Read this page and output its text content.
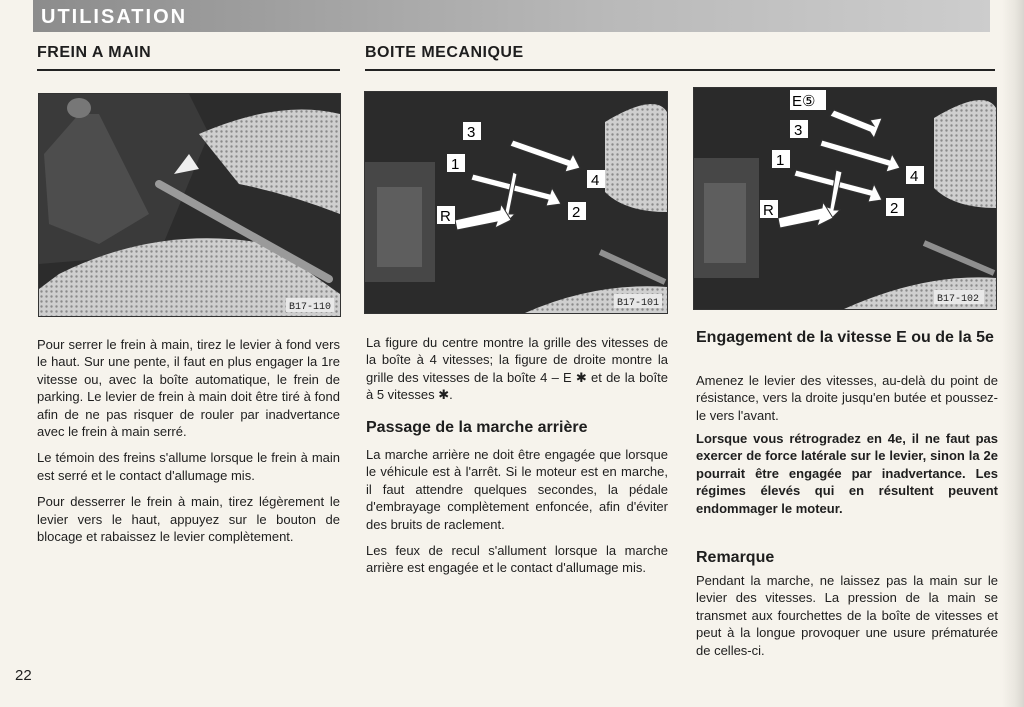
UTILISATION
FREIN A MAIN	BOITE MECANIQUE
B17-110
3
1
4
2
R
B17-101
E⑤
3
1
4
2
R
B17-102

Pour serrer le frein à main, tirez le levier à fond vers le haut. Sur une pente, il faut en plus engager la 1re vitesse ou, avec la boîte automatique, le frein de parking. Le levier de frein à main doit être tiré à fond afin de ne pas risquer de rouler par inadvertance avec le frein à main serré.

Le témoin des freins s'allume lorsque le frein à main est serré et le contact d'allumage mis.

Pour desserrer le frein à main, tirez légèrement le levier vers le haut, appuyez sur le bouton de blocage et rabaissez le levier complètement.

La figure du centre montre la grille des vitesses de la boîte à 4 vitesses; la figure de droite montre la grille des vitesses de la boîte 4 – E ✱ et de la boîte à 5 vitesses ✱.
Passage de la marche arrière

La marche arrière ne doit être engagée que lorsque le véhicule est à l'arrêt. Si le moteur est en marche, il faut attendre quelques secondes, la pédale d'embrayage complètement enfoncée, afin d'éviter des bruits de raclement.

Les feux de recul s'allument lorsque la marche arrière est engagée et le contact d'allumage mis.

Engagement de la vitesse E ou de la 5e
Amenez le levier des vitesses, au-delà du point de résistance, vers la droite jusqu'en butée et poussez-le vers l'avant.
Lorsque vous rétrogradez en 4e, il ne faut pas exercer de force latérale sur le levier, sinon la 2e pourrait être engagée par inadvertance. Les régimes élevés qui en résultent peuvent endommager le moteur.
Remarque
Pendant la marche, ne laissez pas la main sur le levier des vitesses. La pression de la main se transmet aux fourchettes de la boîte de vitesses et peut à la longue provoquer une usure prématurée de celles-ci.
22
